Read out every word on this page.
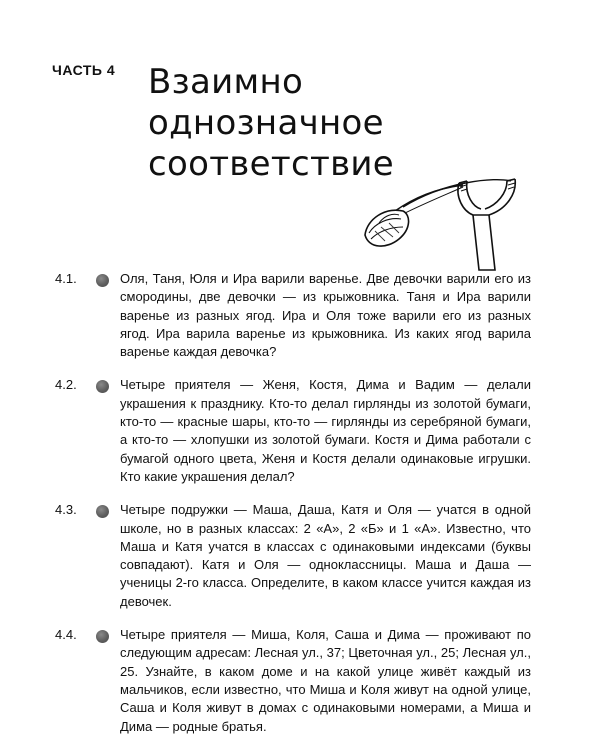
ЧАСТЬ 4 Взаимно
однозначное
соответствие
4.1.	Оля, Таня, Юля и Ира варили варенье. Две девочки варили его из смородины, две девочки — из крыжовника. Таня и Ира варили варенье из разных ягод. Ира и Оля тоже варили его из разных ягод. Ира варила варенье из крыжовника. Из каких ягод варила варенье каждая девочка?
4.2.	Четыре приятеля — Женя, Костя, Дима и Вадим — делали украшения к празднику. Кто-то делал гирлянды из золотой бумаги, кто-то — красные шары, кто-то — гирлянды из серебряной бумаги, а кто-то — хлопушки из золотой бумаги. Костя и Дима работали с бумагой одного цвета, Женя и Костя делали одинаковые игрушки. Кто какие украшения делал?
4.3.	Четыре подружки — Маша, Даша, Катя и Оля — учатся в одной школе, но в разных классах: 2 «А», 2 «Б» и 1 «А». Известно, что Маша и Катя учатся в классах с одинаковыми индексами (буквы совпадают). Катя и Оля — одноклассницы. Маша и Даша — ученицы 2-го класса. Определите, в каком классе учится каждая из девочек.
4.4.	Четыре приятеля — Миша, Коля, Саша и Дима — проживают по следующим адресам: Лесная ул., 37; Цветочная ул., 25; Лесная ул., 25. Узнайте, в каком доме и на какой улице живёт каждый из мальчиков, если известно, что Миша и Коля живут на одной улице, Саша и Коля живут в домах с одинаковыми номерами, а Миша и Дима — родные братья.
